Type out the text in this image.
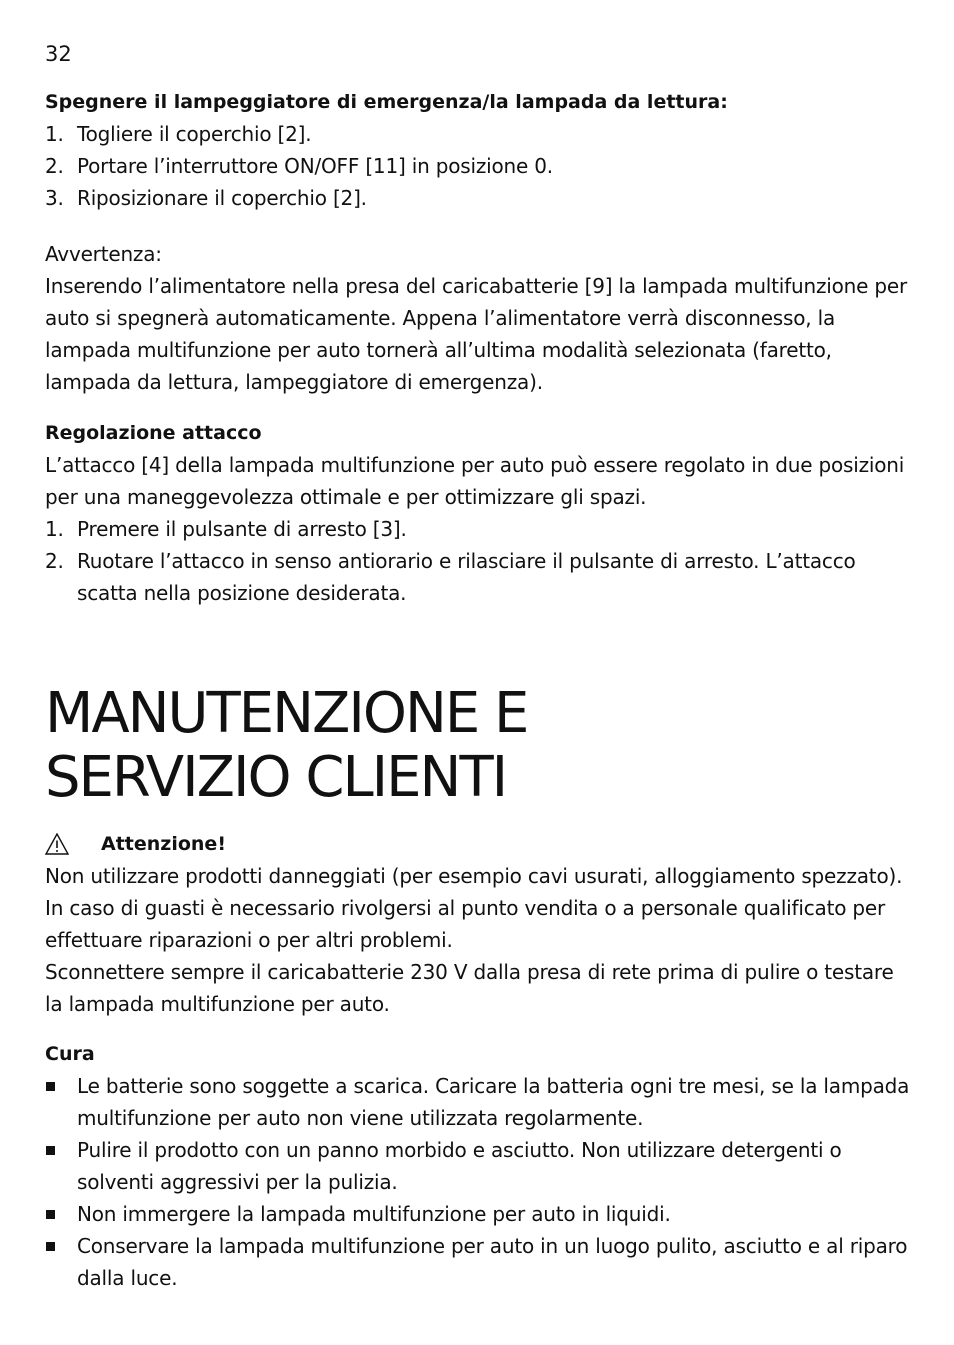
32

Spegnere il lampeggiatore di emergenza/la lampada da lettura:

1. Togliere il coperchio [2].
2. Portare l’interruttore ON/OFF [11] in posizione 0.
3. Riposizionare il coperchio [2].

Avvertenza:

Inserendo l’alimentatore nella presa del caricabatterie [9] la lampada multifunzione per auto si spegnerà automaticamente. Appena l’alimentatore verrà disconnesso, la lampada multifunzione per auto tornerà all’ultima modalità selezionata (faretto, lampada da lettura, lampeggiatore di emergenza).

Regolazione attacco

L’attacco [4] della lampada multifunzione per auto può essere regolato in due posizioni per una maneggevolezza ottimale e per ottimizzare gli spazi.

1. Premere il pulsante di arresto [3].
2. Ruotare l’attacco in senso antiorario e rilasciare il pulsante di arresto. L’attacco scatta nella posizione desiderata.

MANUTENZIONE E

SERVIZIO CLIENTI

Attenzione!

Non utilizzare prodotti danneggiati (per esempio cavi usurati, alloggiamento spezzato). In caso di guasti è necessario rivolgersi al punto vendita o a personale qualificato per effettuare riparazioni o per altri problemi.

Sconnettere sempre il caricabatterie 230 V dalla presa di rete prima di pulire o testare la lampada multifunzione per auto.

Cura

Le batterie sono soggette a scarica. Caricare la batteria ogni tre mesi, se la lampada multifunzione per auto non viene utilizzata regolarmente.
Pulire il prodotto con un panno morbido e asciutto. Non utilizzare detergenti o solventi aggressivi per la pulizia.
Non immergere la lampada multifunzione per auto in liquidi.
Conservare la lampada multifunzione per auto in un luogo pulito, asciutto e al riparo dalla luce.
